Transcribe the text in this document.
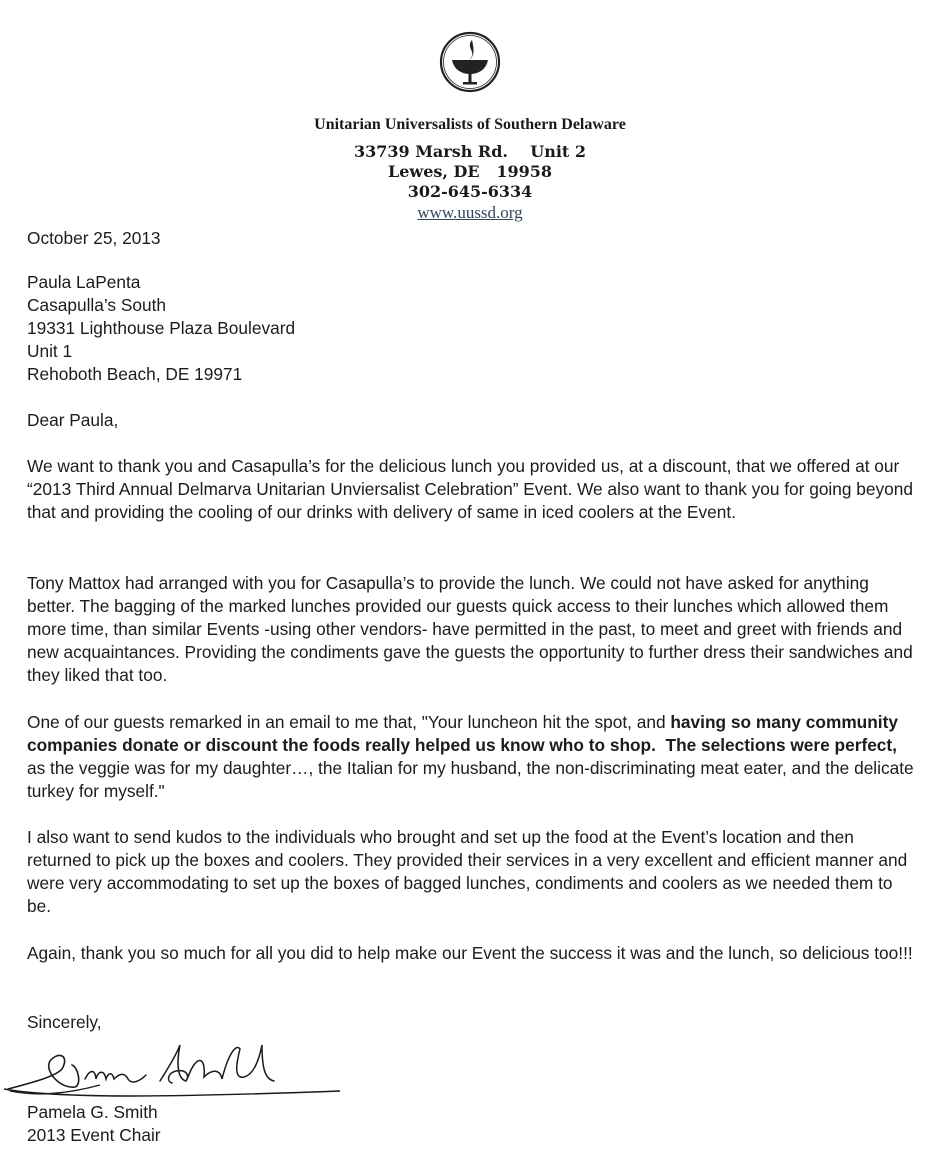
Unitarian Universalists of Southern Delaware
33739 Marsh Rd.    Unit 2
Lewes, DE   19958
302-645-6334
www.uussd.org
October 25, 2013
Paula LaPenta
Casapulla’s South
19331 Lighthouse Plaza Boulevard
Unit 1
Rehoboth Beach, DE 19971
Dear Paula,
We want to thank you and Casapulla’s for the delicious lunch you provided us, at a discount, that we offered at our “2013 Third Annual Delmarva Unitarian Unviersalist Celebration” Event. We also want to thank you for going beyond that and providing the cooling of our drinks with delivery of same in iced coolers at the Event.
Tony Mattox had arranged with you for Casapulla’s to provide the lunch. We could not have asked for anything better. The bagging of the marked lunches provided our guests quick access to their lunches which allowed them more time, than similar Events -using other vendors- have permitted in the past, to meet and greet with friends and new acquaintances. Providing the condiments gave the guests the opportunity to further dress their sandwiches and they liked that too.
One of our guests remarked in an email to me that, "Your luncheon hit the spot, and having so many community companies donate or discount the foods really helped us know who to shop.  The selections were perfect, as the veggie was for my daughter…, the Italian for my husband, the non-discriminating meat eater, and the delicate turkey for myself."
I also want to send kudos to the individuals who brought and set up the food at the Event’s location and then returned to pick up the boxes and coolers. They provided their services in a very excellent and efficient manner and were very accommodating to set up the boxes of bagged lunches, condiments and coolers as we needed them to be.
Again, thank you so much for all you did to help make our Event the success it was and the lunch, so delicious too!!!
Sincerely,
Pamela G. Smith
2013 Event Chair
